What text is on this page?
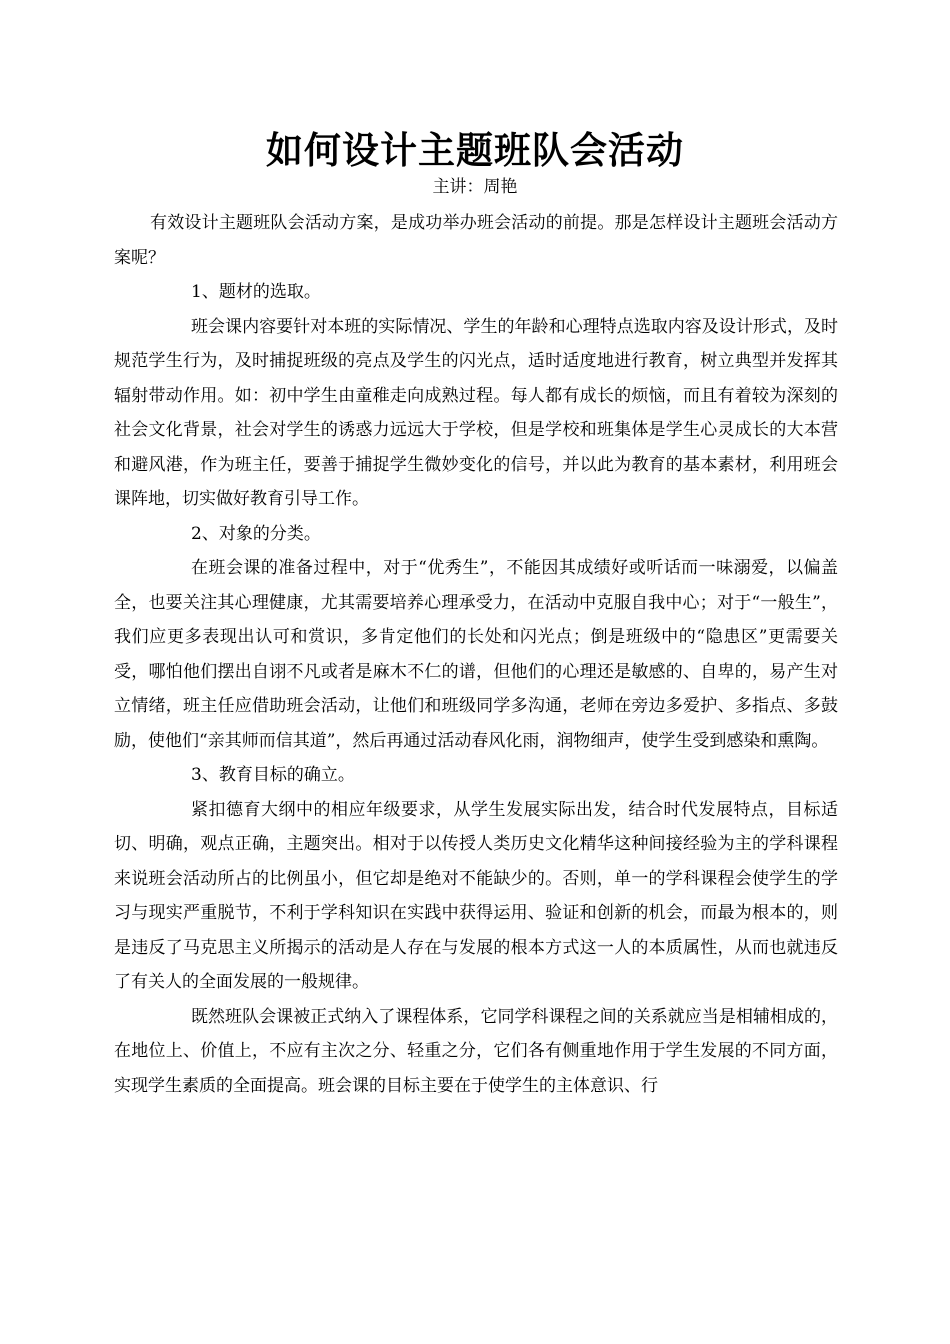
如何设计主题班队会活动
主讲：周艳

有效设计主题班队会活动方案，是成功举办班会活动的前提。那是怎样设计主题班会活动方案呢？

1、题材的选取。

班会课内容要针对本班的实际情况、学生的年龄和心理特点选取内容及设计形式，及时规范学生行为，及时捕捉班级的亮点及学生的闪光点，适时适度地进行教育，树立典型并发挥其辐射带动作用。如：初中学生由童稚走向成熟过程。每人都有成长的烦恼，而且有着较为深刻的社会文化背景，社会对学生的诱惑力远远大于学校，但是学校和班集体是学生心灵成长的大本营和避风港，作为班主任，要善于捕捉学生微妙变化的信号，并以此为教育的基本素材，利用班会课阵地，切实做好教育引导工作。

2、对象的分类。

在班会课的准备过程中，对于“优秀生”，不能因其成绩好或听话而一味溺爱，以偏盖全，也要关注其心理健康，尤其需要培养心理承受力，在活动中克服自我中心；对于“一般生”，我们应更多表现出认可和赏识，多肯定他们的长处和闪光点；倒是班级中的“隐患区”更需要关受，哪怕他们摆出自诩不凡或者是麻木不仁的谱，但他们的心理还是敏感的、自卑的，易产生对立情绪，班主任应借助班会活动，让他们和班级同学多沟通，老师在旁边多爱护、多指点、多鼓励，使他们“亲其师而信其道”，然后再通过活动春风化雨，润物细声，使学生受到感染和熏陶。

3、教育目标的确立。

紧扣德育大纲中的相应年级要求，从学生发展实际出发，结合时代发展特点，目标适切、明确，观点正确，主题突出。相对于以传授人类历史文化精华这种间接经验为主的学科课程来说班会活动所占的比例虽小，但它却是绝对不能缺少的。否则，单一的学科课程会使学生的学习与现实严重脱节，不利于学科知识在实践中获得运用、验证和创新的机会，而最为根本的，则是违反了马克思主义所揭示的活动是人存在与发展的根本方式这一人的本质属性，从而也就违反了有关人的全面发展的一般规律。

既然班队会课被正式纳入了课程体系，它同学科课程之间的关系就应当是相辅相成的，在地位上、价值上，不应有主次之分、轻重之分，它们各有侧重地作用于学生发展的不同方面，实现学生素质的全面提高。班会课的目标主要在于使学生的主体意识、行
